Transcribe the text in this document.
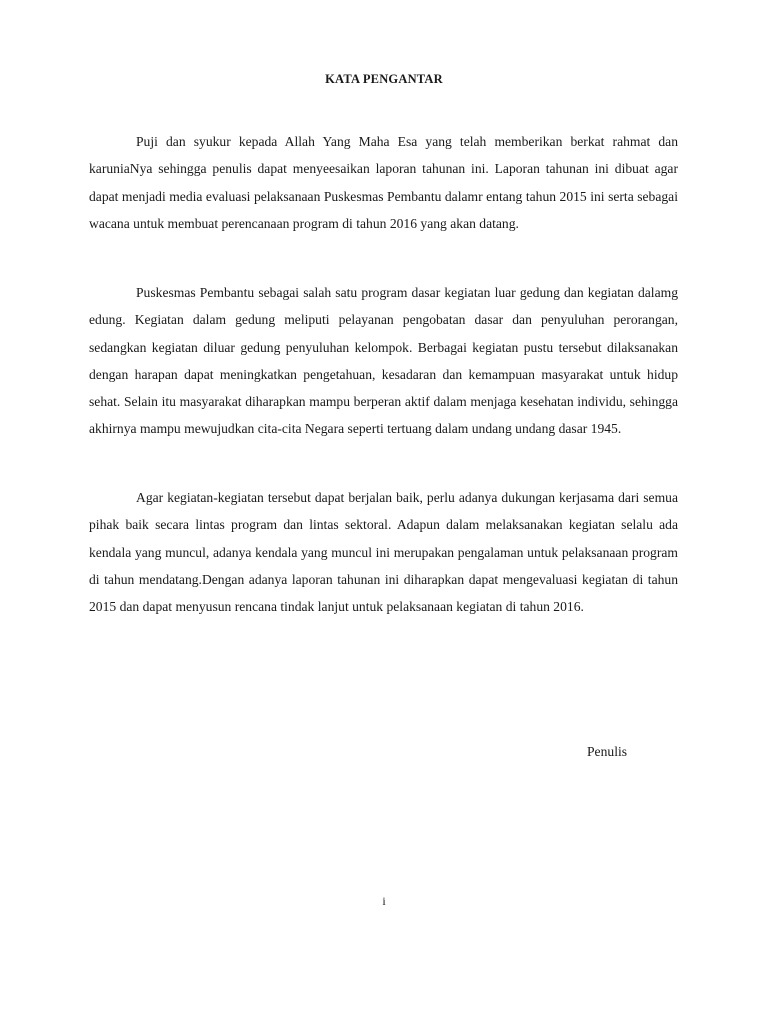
KATA PENGANTAR

Puji dan syukur kepada Allah Yang Maha Esa yang telah memberikan berkat rahmat dan karuniaNya sehingga penulis dapat menyeesaikan laporan tahunan ini. Laporan tahunan ini dibuat agar dapat menjadi media evaluasi pelaksanaan Puskesmas Pembantu dalamr entang tahun 2015 ini serta sebagai wacana untuk membuat perencanaan program di tahun 2016 yang akan datang.

Puskesmas Pembantu sebagai salah satu program dasar kegiatan luar gedung dan kegiatan dalamg edung. Kegiatan dalam gedung meliputi pelayanan pengobatan dasar dan penyuluhan perorangan, sedangkan kegiatan diluar gedung penyuluhan kelompok. Berbagai kegiatan pustu tersebut dilaksanakan dengan harapan dapat meningkatkan pengetahuan, kesadaran dan kemampuan masyarakat untuk hidup sehat. Selain itu masyarakat diharapkan mampu berperan aktif dalam menjaga kesehatan individu, sehingga akhirnya mampu mewujudkan cita-cita Negara seperti tertuang dalam undang undang dasar 1945.

Agar kegiatan-kegiatan tersebut dapat berjalan baik, perlu adanya dukungan kerjasama dari semua pihak baik secara lintas program dan lintas sektoral. Adapun dalam melaksanakan kegiatan selalu ada kendala yang muncul, adanya kendala yang muncul ini merupakan pengalaman untuk pelaksanaan program di tahun mendatang.Dengan adanya laporan tahunan ini diharapkan dapat mengevaluasi kegiatan di tahun 2015 dan dapat menyusun rencana tindak lanjut untuk pelaksanaan kegiatan di tahun 2016.

Penulis
i
